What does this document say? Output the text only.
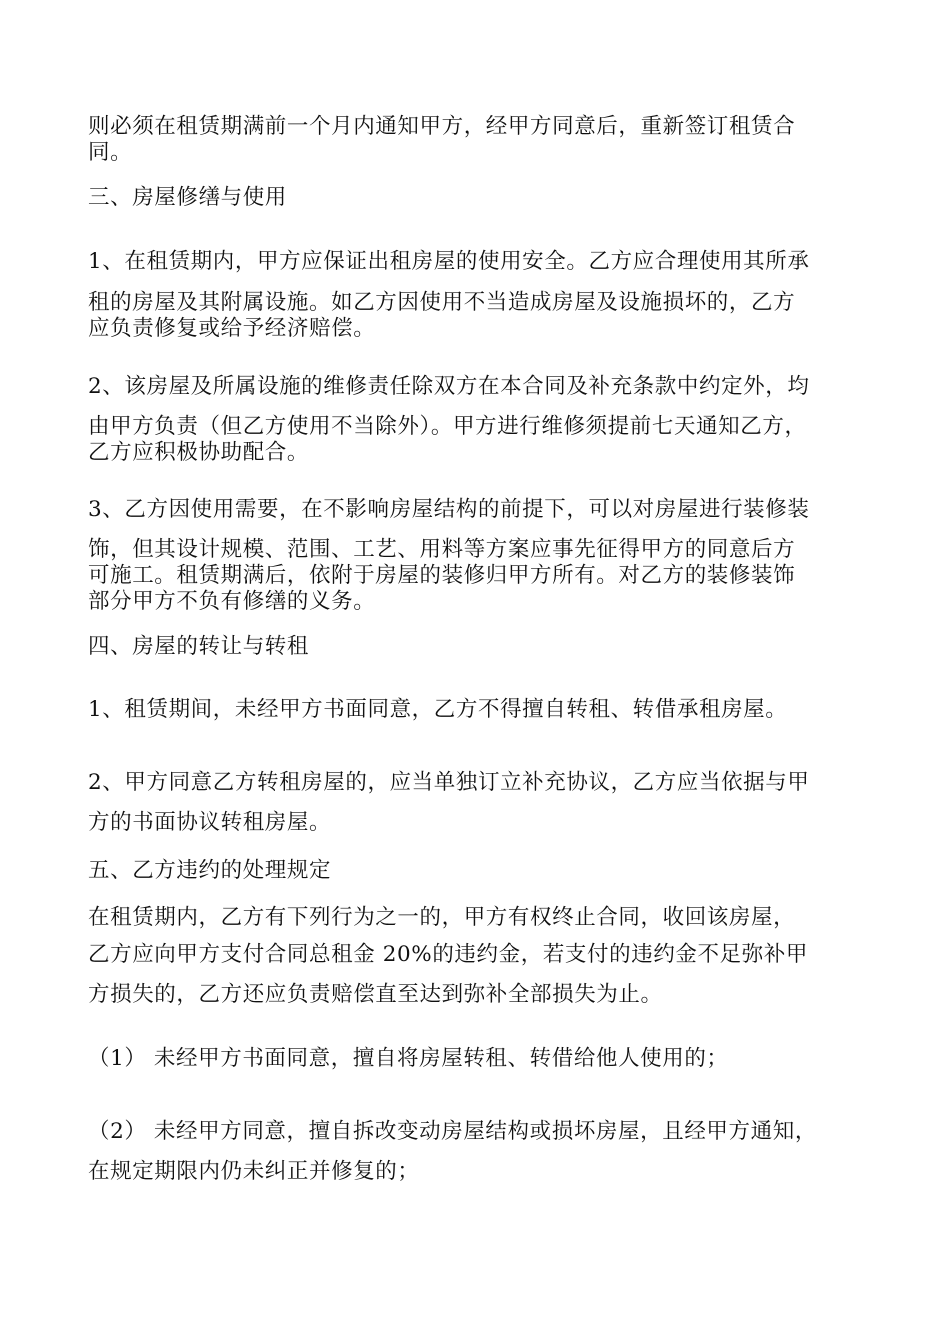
则必须在租赁期满前一个月内通知甲方，经甲方同意后，重新签订租赁合
同。
三、房屋修缮与使用
1、在租赁期内，甲方应保证出租房屋的使用安全。乙方应合理使用其所承
租的房屋及其附属设施。如乙方因使用不当造成房屋及设施损坏的，乙方
应负责修复或给予经济赔偿。
2、该房屋及所属设施的维修责任除双方在本合同及补充条款中约定外，均
由甲方负责（但乙方使用不当除外）。甲方进行维修须提前七天通知乙方，
乙方应积极协助配合。
3、乙方因使用需要，在不影响房屋结构的前提下，可以对房屋进行装修装
饰，但其设计规模、范围、工艺、用料等方案应事先征得甲方的同意后方
可施工。租赁期满后，依附于房屋的装修归甲方所有。对乙方的装修装饰
部分甲方不负有修缮的义务。
四、房屋的转让与转租
1、租赁期间，未经甲方书面同意，乙方不得擅自转租、转借承租房屋。
2、甲方同意乙方转租房屋的，应当单独订立补充协议，乙方应当依据与甲
方的书面协议转租房屋。
五、乙方违约的处理规定
在租赁期内，乙方有下列行为之一的，甲方有权终止合同，收回该房屋，
乙方应向甲方支付合同总租金 20%的违约金，若支付的违约金不足弥补甲
方损失的，乙方还应负责赔偿直至达到弥补全部损失为止。
（1） 未经甲方书面同意，擅自将房屋转租、转借给他人使用的；
（2） 未经甲方同意，擅自拆改变动房屋结构或损坏房屋，且经甲方通知，
在规定期限内仍未纠正并修复的；
